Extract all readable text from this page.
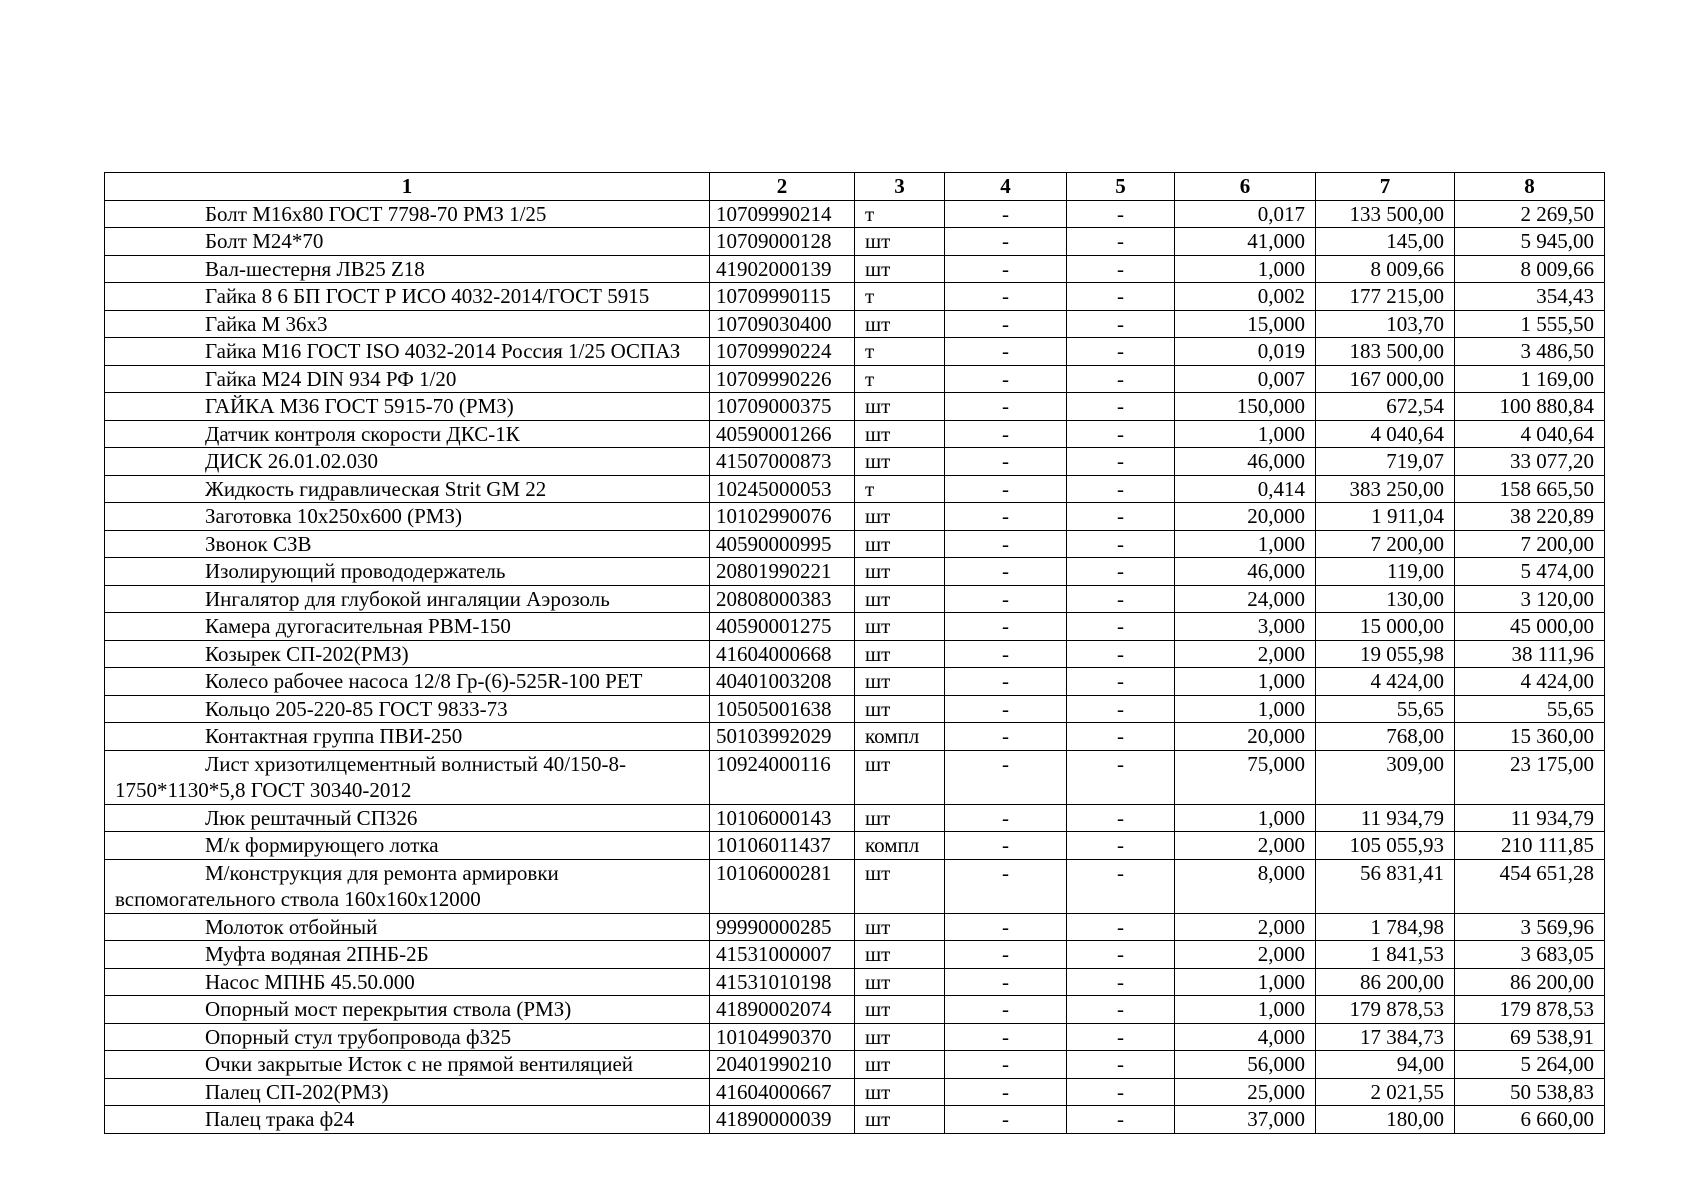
1	2	3	4	5	6	7	8

Болт М16х80 ГОСТ 7798-70 РМЗ 1/25	10709990214	т	-	-	0,017	133 500,00	2 269,50

Болт М24*70	10709000128	шт	-	-	41,000	145,00	5 945,00

Вал-шестерня ЛВ25 Z18	41902000139	шт	-	-	1,000	8 009,66	8 009,66

Гайка 8 6 БП ГОСТ Р ИСО 4032-2014/ГОСТ 5915	10709990115	т	-	-	0,002	177 215,00	354,43

Гайка М 36х3	10709030400	шт	-	-	15,000	103,70	1 555,50

Гайка М16 ГОСТ ISO 4032-2014 Россия 1/25 ОСПАЗ	10709990224	т	-	-	0,019	183 500,00	3 486,50

Гайка М24 DIN 934 РФ 1/20	10709990226	т	-	-	0,007	167 000,00	1 169,00

ГАЙКА М36 ГОСТ 5915-70 (РМЗ)	10709000375	шт	-	-	150,000	672,54	100 880,84

Датчик контроля скорости ДКС-1К	40590001266	шт	-	-	1,000	4 040,64	4 040,64

ДИСК 26.01.02.030	41507000873	шт	-	-	46,000	719,07	33 077,20

Жидкость гидравлическая Strit GM 22	10245000053	т	-	-	0,414	383 250,00	158 665,50

Заготовка 10х250х600 (РМЗ)	10102990076	шт	-	-	20,000	1 911,04	38 220,89

Звонок СЗВ	40590000995	шт	-	-	1,000	7 200,00	7 200,00

Изолирующий провододержатель	20801990221	шт	-	-	46,000	119,00	5 474,00

Ингалятор для глубокой ингаляции Аэрозоль	20808000383	шт	-	-	24,000	130,00	3 120,00

Камера дугогасительная РВМ-150	40590001275	шт	-	-	3,000	15 000,00	45 000,00

Козырек СП-202(РМЗ)	41604000668	шт	-	-	2,000	19 055,98	38 111,96

Колесо рабочее насоса 12/8 Гр-(6)-525R-100 PET	40401003208	шт	-	-	1,000	4 424,00	4 424,00

Кольцо 205-220-85 ГОСТ 9833-73	10505001638	шт	-	-	1,000	55,65	55,65

Контактная группа ПВИ-250	50103992029	компл	-	-	20,000	768,00	15 360,00

Лист хризотилцементный волнистый 40/150-8-1750*1130*5,8 ГОСТ 30340-2012	10924000116	шт	-	-	75,000	309,00	23 175,00

Люк рештачный СП326	10106000143	шт	-	-	1,000	11 934,79	11 934,79

М/к формирующего лотка	10106011437	компл	-	-	2,000	105 055,93	210 111,85

М/конструкция для ремонта армировки вспомогательного ствола 160х160х12000	10106000281	шт	-	-	8,000	56 831,41	454 651,28

Молоток отбойный	99990000285	шт	-	-	2,000	1 784,98	3 569,96

Муфта водяная 2ПНБ-2Б	41531000007	шт	-	-	2,000	1 841,53	3 683,05

Насос МПНБ 45.50.000	41531010198	шт	-	-	1,000	86 200,00	86 200,00

Опорный мост перекрытия ствола (РМЗ)	41890002074	шт	-	-	1,000	179 878,53	179 878,53

Опорный стул трубопровода ф325	10104990370	шт	-	-	4,000	17 384,73	69 538,91

Очки закрытые Исток с не прямой вентиляцией	20401990210	шт	-	-	56,000	94,00	5 264,00

Палец СП-202(РМЗ)	41604000667	шт	-	-	25,000	2 021,55	50 538,83

Палец трака ф24	41890000039	шт	-	-	37,000	180,00	6 660,00
